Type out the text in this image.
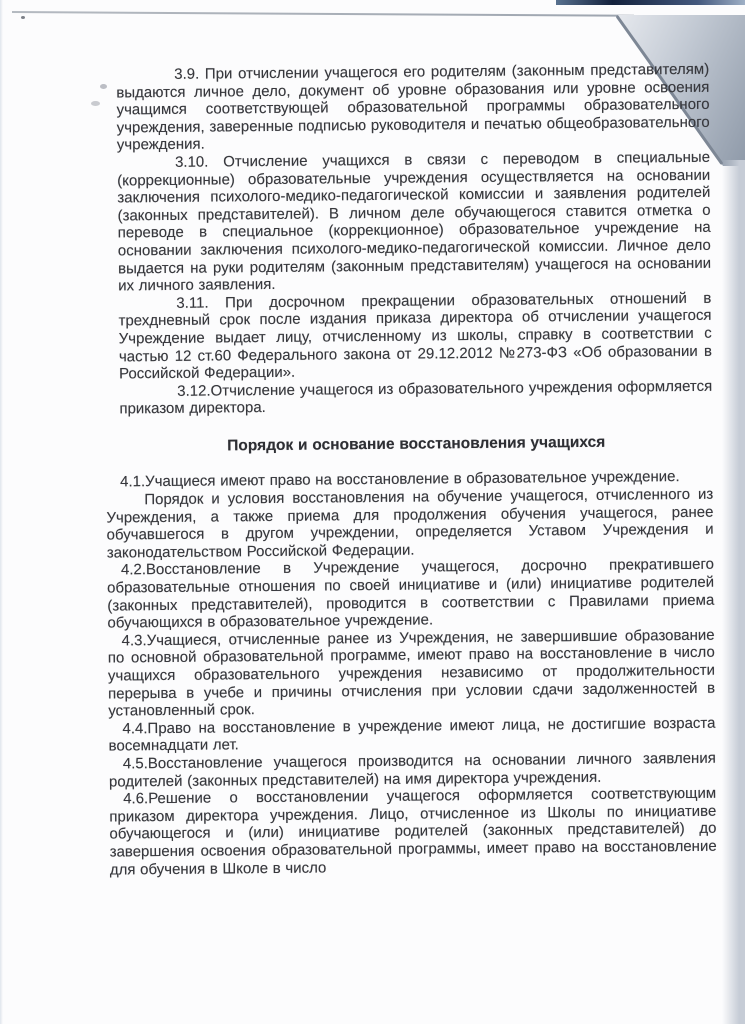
3.9. При отчислении учащегося его родителям (законным представителям) выдаются личное дело, документ об уровне образования или уровне освоения учащимся соответствующей образовательной программы образовательного учреждения, заверенные подписью руководителя и печатью общеобразовательного учреждения.

3.10. Отчисление учащихся в связи с переводом в специальные (коррекционные) образовательные учреждения осуществляется на основании заключения психолого-медико-педагогической комиссии и заявления родителей (законных представителей). В личном деле обучающегося ставится отметка о переводе в специальное (коррекционное) образовательное учреждение на основании заключения психолого-медико-педагогической комиссии. Личное дело выдается на руки родителям (законным представителям) учащегося на основании их личного заявления.

3.11. При досрочном прекращении образовательных отношений в трехдневный срок после издания приказа директора об отчислении учащегося Учреждение выдает лицу, отчисленному из школы, справку в соответствии с частью 12 ст.60 Федерального закона от 29.12.2012 №273-ФЗ «Об образовании в Российской Федерации».

3.12.Отчисление учащегося из образовательного учреждения оформляется приказом директора.

Порядок и основание восстановления учащихся

4.1.Учащиеся имеют право на восстановление в образовательное учреждение.

Порядок и условия восстановления на обучение учащегося, отчисленного из Учреждения, а также приема для продолжения обучения учащегося, ранее обучавшегося в другом учреждении, определяется Уставом Учреждения и законодательством Российской Федерации.

4.2.Восстановление в Учреждение учащегося, досрочно прекратившего образовательные отношения по своей инициативе и (или) инициативе родителей (законных представителей), проводится в соответствии с Правилами приема обучающихся в образовательное учреждение.

4.3.Учащиеся, отчисленные ранее из Учреждения, не завершившие образование по основной образовательной программе, имеют право на восстановление в число учащихся образовательного учреждения независимо от продолжительности перерыва в учебе и причины отчисления при условии сдачи задолженностей в установленный срок.

4.4.Право на восстановление в учреждение имеют лица, не достигшие возраста восемнадцати лет.

4.5.Восстановление учащегося производится на основании личного заявления родителей (законных представителей) на имя директора учреждения.

4.6.Решение о восстановлении учащегося оформляется соответствующим приказом директора учреждения. Лицо, отчисленное из Школы по инициативе обучающегося и (или) инициативе родителей (законных представителей) до завершения освоения образовательной программы, имеет право на восстановление для обучения в Школе в число
